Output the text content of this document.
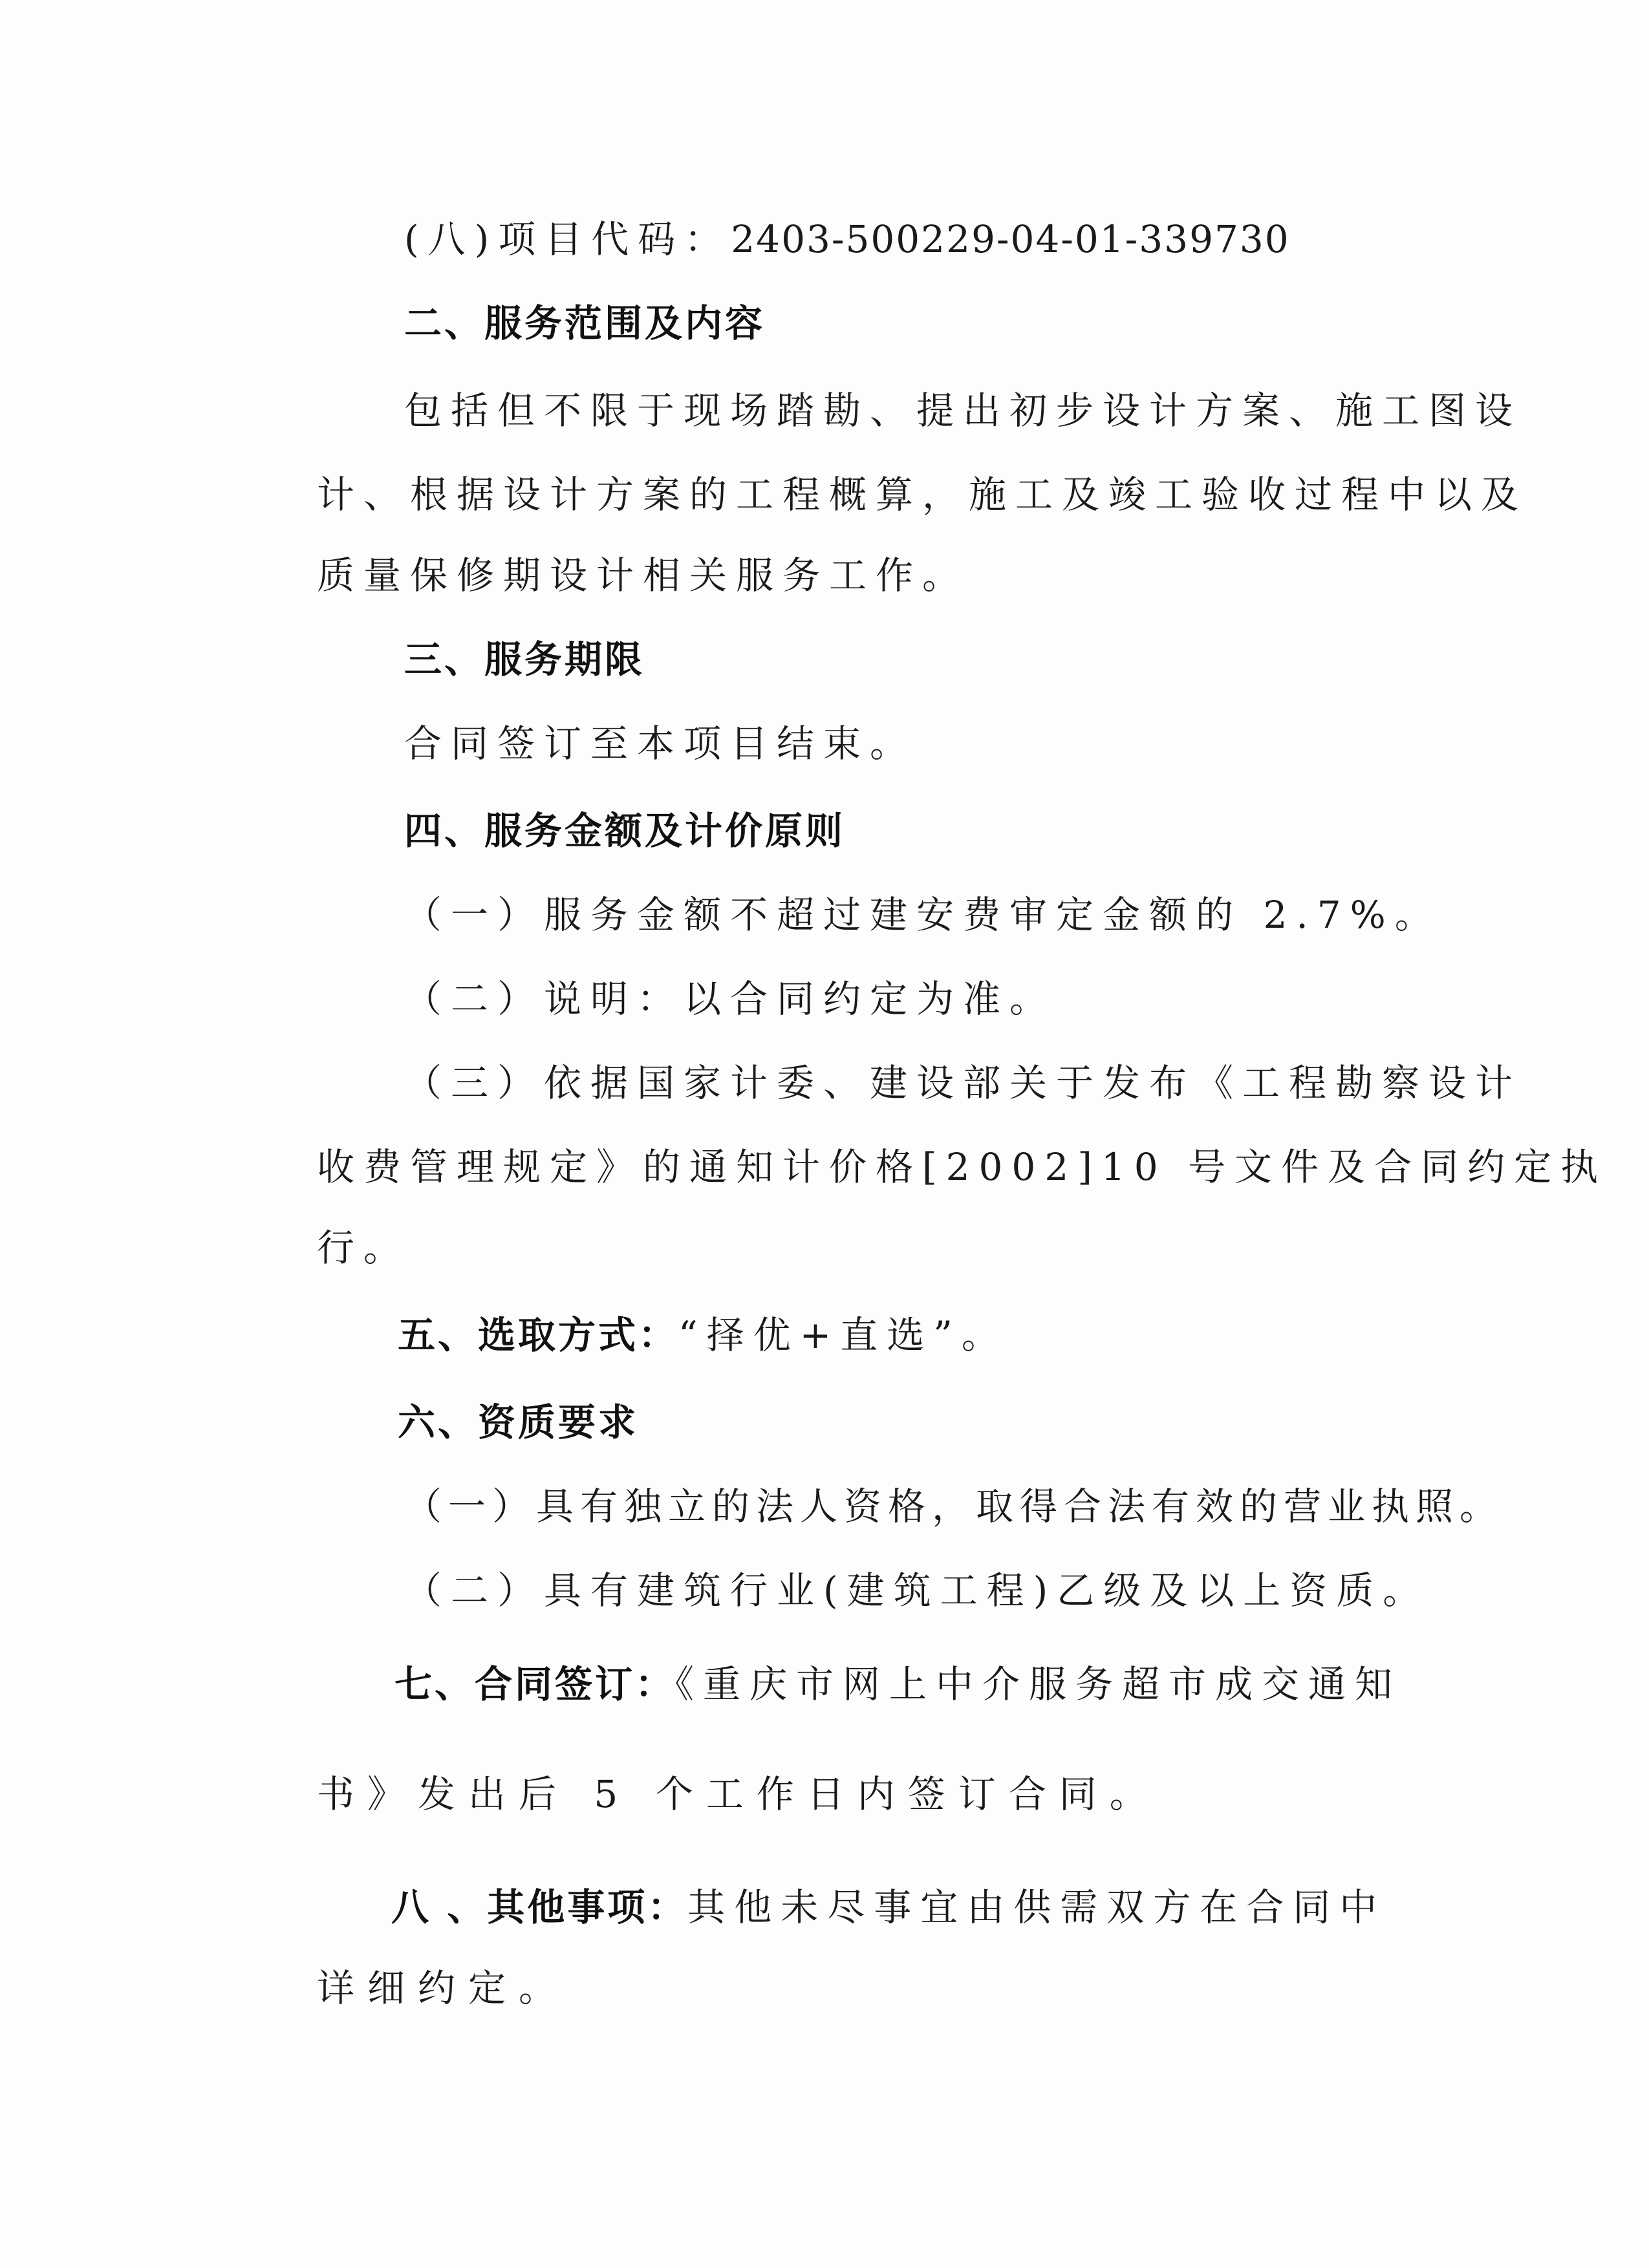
(八)项目代码：2403-500229-04-01-339730
二、服务范围及内容
包括但不限于现场踏勘、提出初步设计方案、施工图设
计、根据设计方案的工程概算，施工及竣工验收过程中以及
质量保修期设计相关服务工作。
三、服务期限
合同签订至本项目结束。
四、服务金额及计价原则
（一）服务金额不超过建安费审定金额的 2.7%。
（二）说明：以合同约定为准。
（三）依据国家计委、建设部关于发布《工程勘察设计
收费管理规定》的通知计价格[2002]10 号文件及合同约定执
行。
五、选取方式：“择优+直选”。
六、资质要求
（一）具有独立的法人资格，取得合法有效的营业执照。
（二）具有建筑行业(建筑工程)乙级及以上资质。
七、合同签订：《重庆市网上中介服务超市成交通知
书》发出后 5 个工作日内签订合同。
八 、其他事项：其他未尽事宜由供需双方在合同中
详细约定。
